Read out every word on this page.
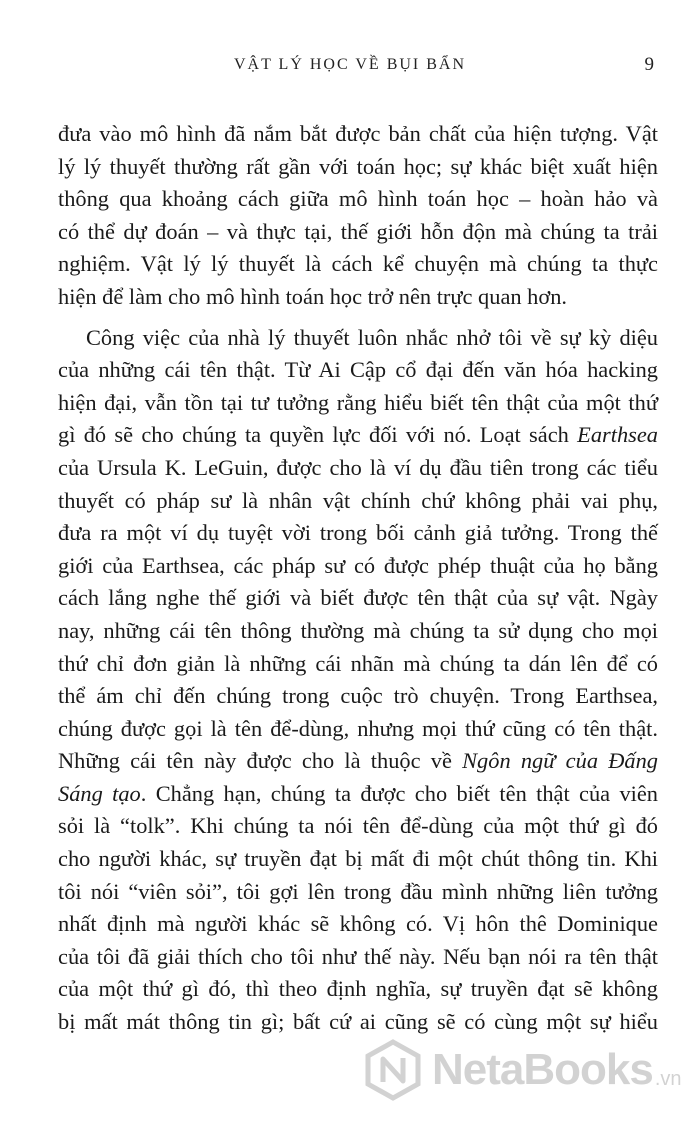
VẬT LÝ HỌC VỀ BỤI BẨN	9
đưa vào mô hình đã nắm bắt được bản chất của hiện tượng. Vật
lý lý thuyết thường rất gần với toán học; sự khác biệt xuất hiện
thông qua khoảng cách giữa mô hình toán học – hoàn hảo và
có thể dự đoán – và thực tại, thế giới hỗn độn mà chúng ta trải
nghiệm. Vật lý lý thuyết là cách kể chuyện mà chúng ta thực
hiện để làm cho mô hình toán học trở nên trực quan hơn.
Công việc của nhà lý thuyết luôn nhắc nhở tôi về sự kỳ diệu
của những cái tên thật. Từ Ai Cập cổ đại đến văn hóa hacking
hiện đại, vẫn tồn tại tư tưởng rằng hiểu biết tên thật của một thứ
gì đó sẽ cho chúng ta quyền lực đối với nó. Loạt sách Earthsea
của Ursula K. LeGuin, được cho là ví dụ đầu tiên trong các tiểu
thuyết có pháp sư là nhân vật chính chứ không phải vai phụ,
đưa ra một ví dụ tuyệt vời trong bối cảnh giả tưởng. Trong thế
giới của Earthsea, các pháp sư có được phép thuật của họ bằng
cách lắng nghe thế giới và biết được tên thật của sự vật. Ngày
nay, những cái tên thông thường mà chúng ta sử dụng cho mọi
thứ chỉ đơn giản là những cái nhãn mà chúng ta dán lên để có
thể ám chỉ đến chúng trong cuộc trò chuyện. Trong Earthsea,
chúng được gọi là tên để-dùng, nhưng mọi thứ cũng có tên thật.
Những cái tên này được cho là thuộc về Ngôn ngữ của Đấng
Sáng tạo. Chẳng hạn, chúng ta được cho biết tên thật của viên
sỏi là “tolk”. Khi chúng ta nói tên để-dùng của một thứ gì đó
cho người khác, sự truyền đạt bị mất đi một chút thông tin. Khi
tôi nói “viên sỏi”, tôi gợi lên trong đầu mình những liên tưởng
nhất định mà người khác sẽ không có. Vị hôn thê Dominique
của tôi đã giải thích cho tôi như thế này. Nếu bạn nói ra tên thật
của một thứ gì đó, thì theo định nghĩa, sự truyền đạt sẽ không
bị mất mát thông tin gì; bất cứ ai cũng sẽ có cùng một sự hiểu
NetaBooks .vn
